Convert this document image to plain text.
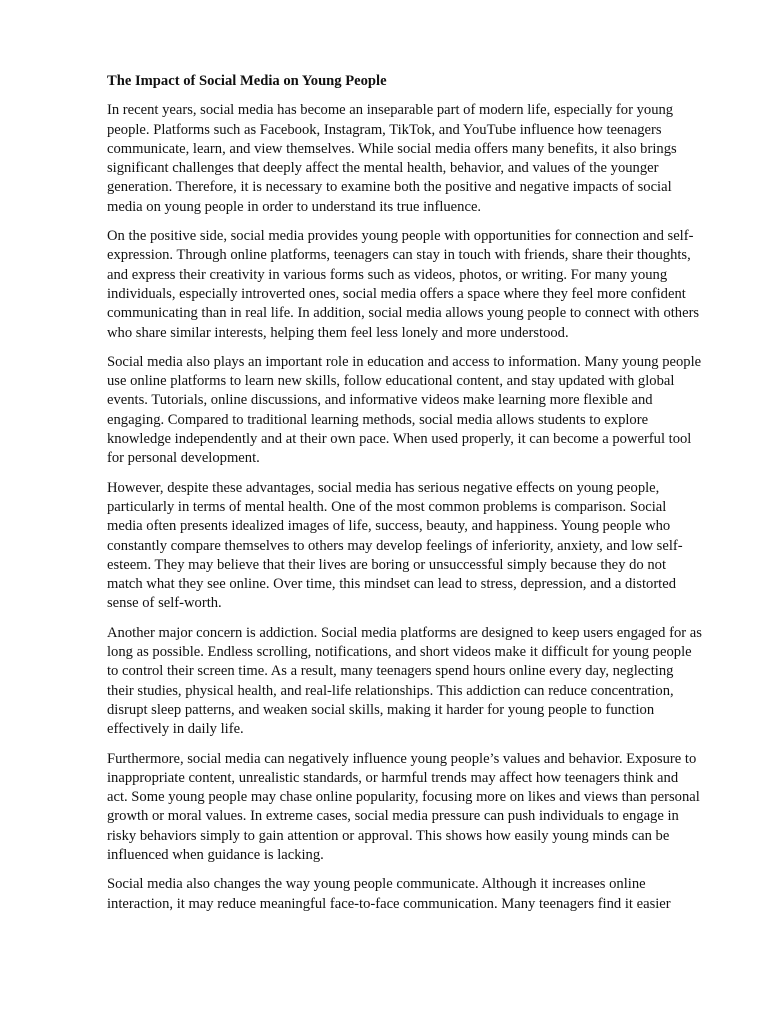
The Impact of Social Media on Young People

In recent years, social media has become an inseparable part of modern life, especially for young people. Platforms such as Facebook, Instagram, TikTok, and YouTube influence how teenagers communicate, learn, and view themselves. While social media offers many benefits, it also brings significant challenges that deeply affect the mental health, behavior, and values of the younger generation. Therefore, it is necessary to examine both the positive and negative impacts of social media on young people in order to understand its true influence.

On the positive side, social media provides young people with opportunities for connection and self-expression. Through online platforms, teenagers can stay in touch with friends, share their thoughts, and express their creativity in various forms such as videos, photos, or writing. For many young individuals, especially introverted ones, social media offers a space where they feel more confident communicating than in real life. In addition, social media allows young people to connect with others who share similar interests, helping them feel less lonely and more understood.

Social media also plays an important role in education and access to information. Many young people use online platforms to learn new skills, follow educational content, and stay updated with global events. Tutorials, online discussions, and informative videos make learning more flexible and engaging. Compared to traditional learning methods, social media allows students to explore knowledge independently and at their own pace. When used properly, it can become a powerful tool for personal development.

However, despite these advantages, social media has serious negative effects on young people, particularly in terms of mental health. One of the most common problems is comparison. Social media often presents idealized images of life, success, beauty, and happiness. Young people who constantly compare themselves to others may develop feelings of inferiority, anxiety, and low self-esteem. They may believe that their lives are boring or unsuccessful simply because they do not match what they see online. Over time, this mindset can lead to stress, depression, and a distorted sense of self-worth.

Another major concern is addiction. Social media platforms are designed to keep users engaged for as long as possible. Endless scrolling, notifications, and short videos make it difficult for young people to control their screen time. As a result, many teenagers spend hours online every day, neglecting their studies, physical health, and real-life relationships. This addiction can reduce concentration, disrupt sleep patterns, and weaken social skills, making it harder for young people to function effectively in daily life.

Furthermore, social media can negatively influence young people’s values and behavior. Exposure to inappropriate content, unrealistic standards, or harmful trends may affect how teenagers think and act. Some young people may chase online popularity, focusing more on likes and views than personal growth or moral values. In extreme cases, social media pressure can push individuals to engage in risky behaviors simply to gain attention or approval. This shows how easily young minds can be influenced when guidance is lacking.

Social media also changes the way young people communicate. Although it increases online interaction, it may reduce meaningful face-to-face communication. Many teenagers find it easier
